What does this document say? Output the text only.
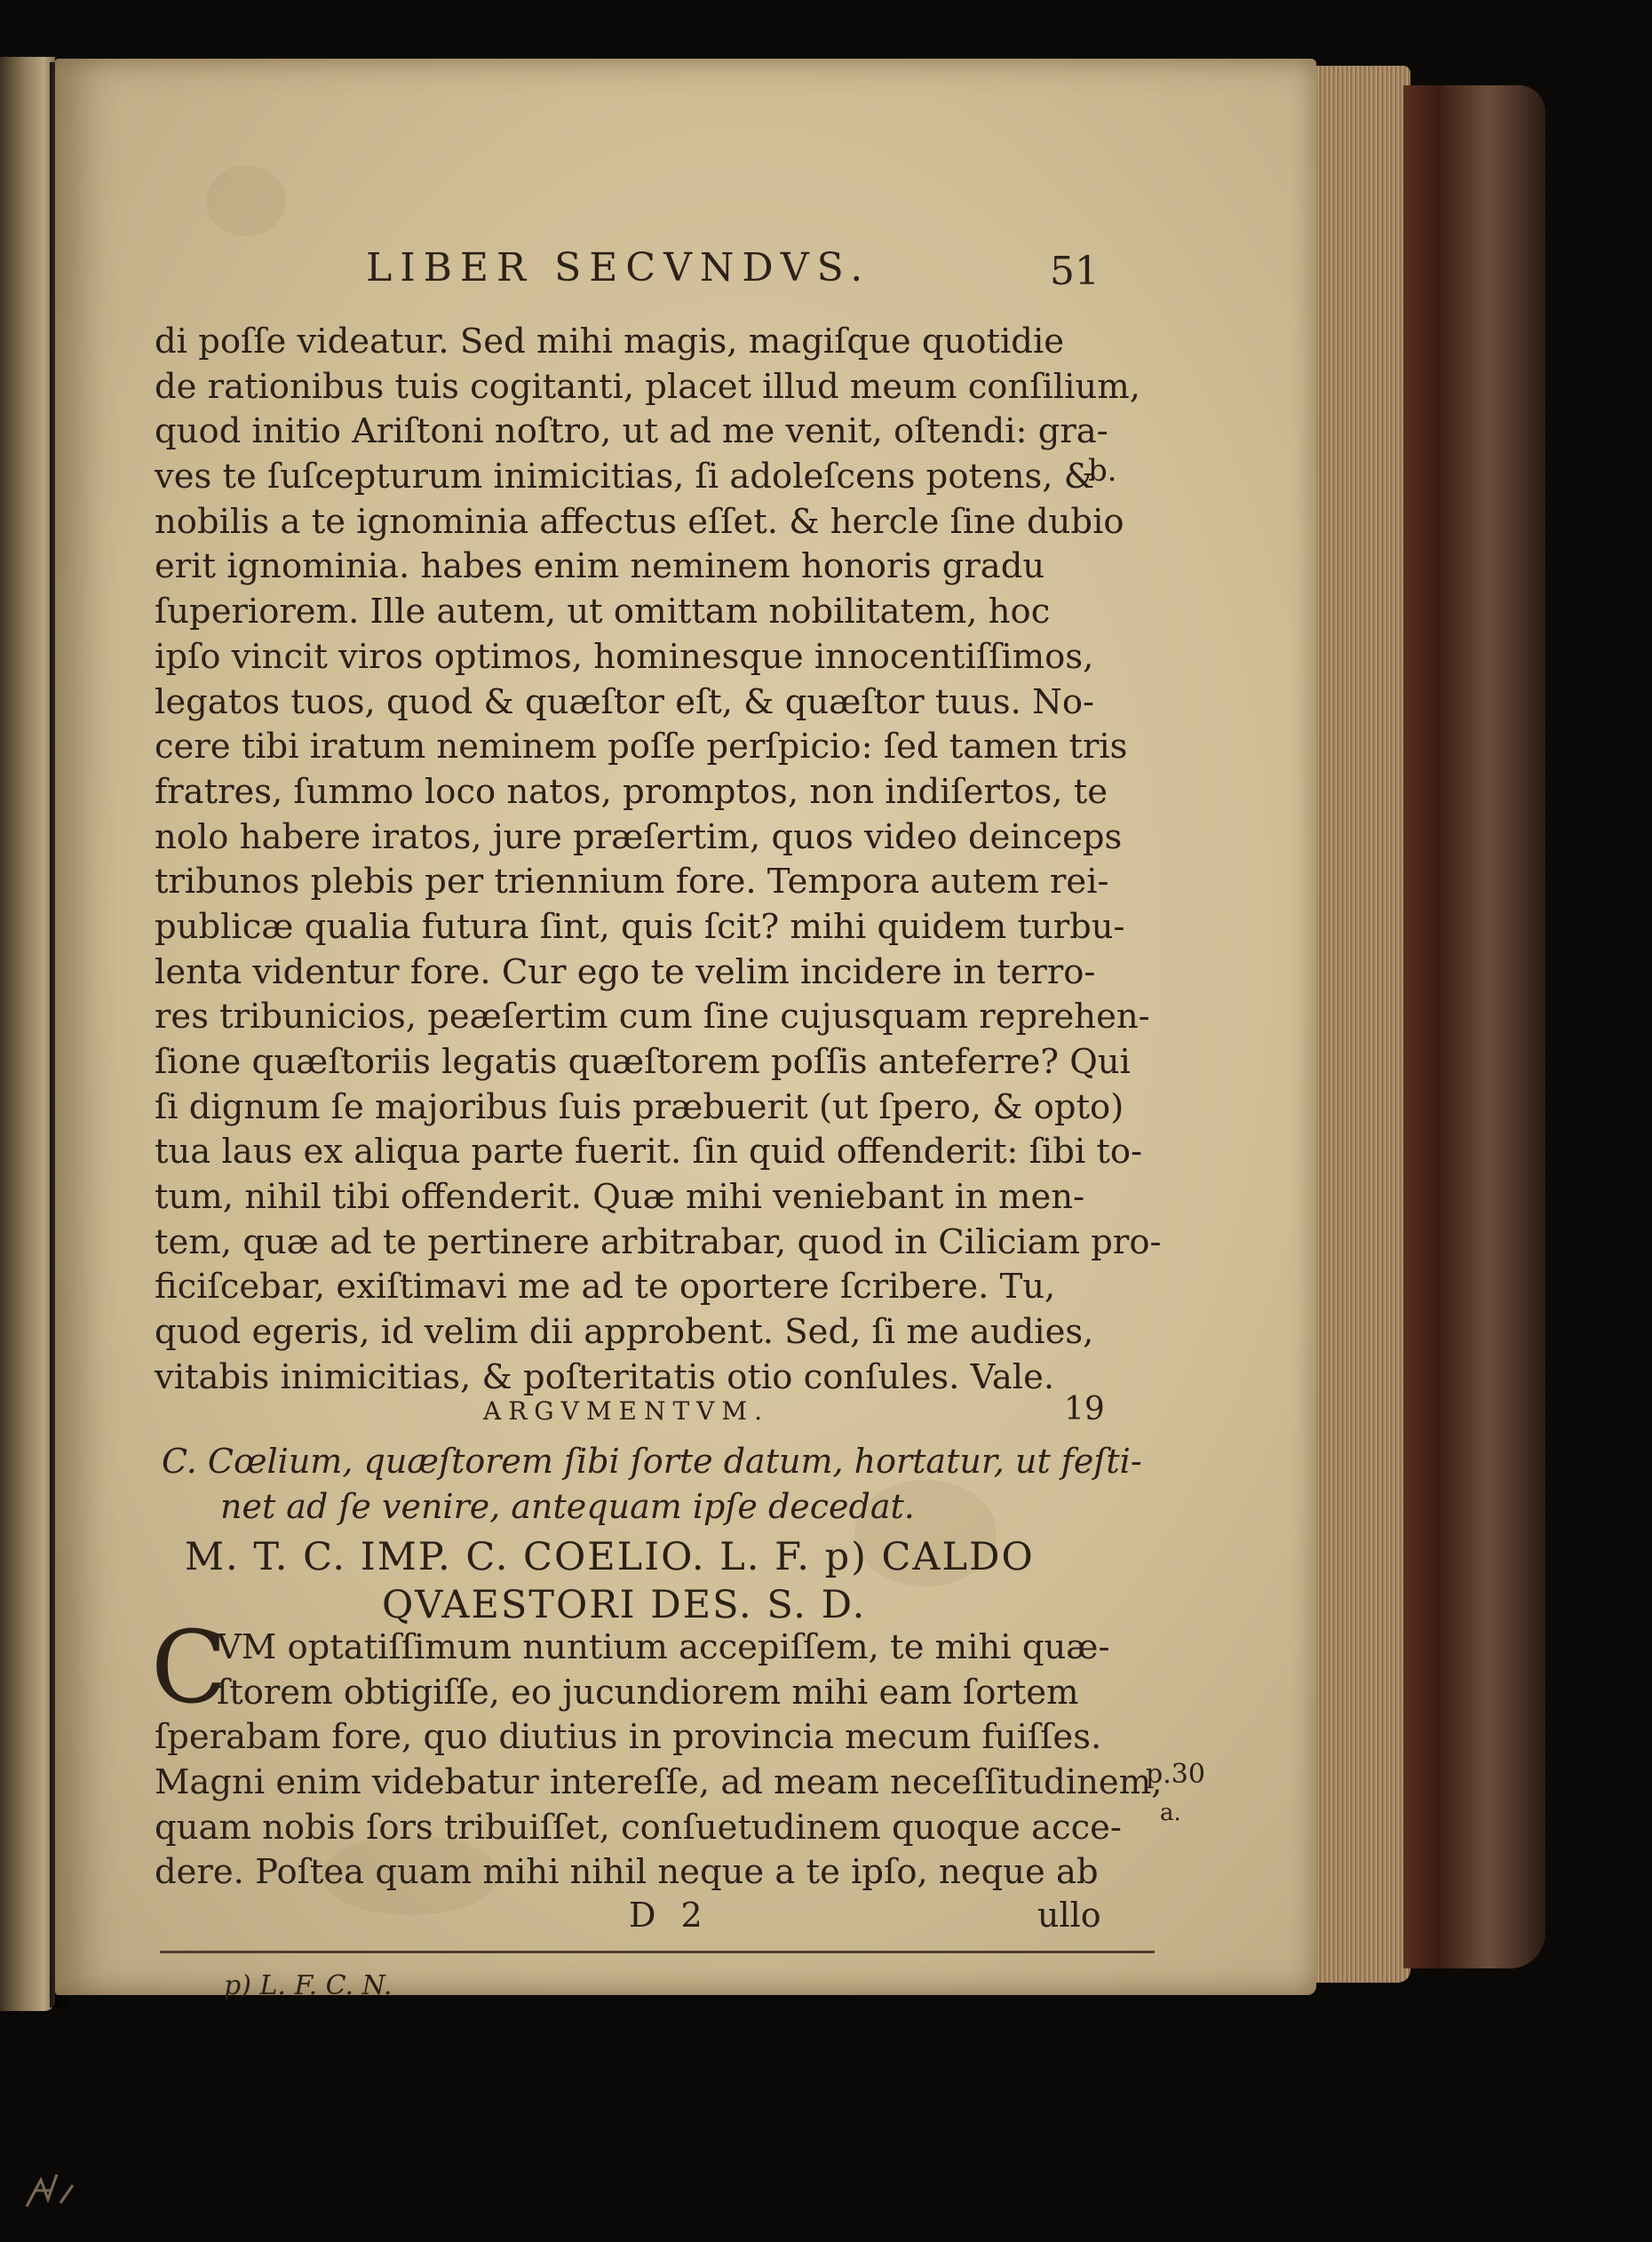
LIBER SECVNDVS.	51
di poſſe videatur. Sed mihi magis, magiſque quotidie
de rationibus tuis cogitanti, placet illud meum conſilium,
quod initio Ariſtoni noſtro, ut ad me venit, oſtendi: gra-
ves te ſuſcepturum inimicitias, ſi adoleſcens potens, &
nobilis a te ignominia affectus eſſet. & hercle ſine dubio
erit ignominia. habes enim neminem honoris gradu
ſuperiorem. Ille autem, ut omittam nobilitatem, hoc
ipſo vincit viros optimos, hominesque innocentiſſimos,
legatos tuos, quod & quæſtor eſt, & quæſtor tuus. No-
cere tibi iratum neminem poſſe perſpicio: ſed tamen tris
fratres, ſummo loco natos, promptos, non indiſertos, te
nolo habere iratos, jure præſertim, quos video deinceps
tribunos plebis per triennium fore. Tempora autem rei-
publicæ qualia futura ſint, quis ſcit? mihi quidem turbu-
lenta videntur fore. Cur ego te velim incidere in terro-
res tribunicios, peæſertim cum ſine cujusquam reprehen-
ſione quæſtoriis legatis quæſtorem poſſis anteferre? Qui
ſi dignum ſe majoribus ſuis præbuerit (ut ſpero, & opto)
tua laus ex aliqua parte fuerit. ſin quid offenderit: ſibi to-
tum, nihil tibi offenderit. Quæ mihi veniebant in men-
tem, quæ ad te pertinere arbitrabar, quod in Ciliciam pro-
ficiſcebar, exiſtimavi me ad te oportere ſcribere. Tu,
quod egeris, id velim dii approbent. Sed, ſi me audies,
vitabis inimicitias, & poſteritatis otio conſules. Vale.
b.
p.30
a.
ARGVMENTVM.	19
C. Cœlium, quæſtorem ſibi ſorte datum, hortatur, ut feſti-
net ad ſe venire, antequam ipſe decedat.
M. T. C. IMP. C. COELIO. L. F. p) CALDO
QVAESTORI DES. S. D.
C
VM optatiſſimum nuntium accepiſſem, te mihi quæ-
ſtorem obtigiſſe, eo jucundiorem mihi eam ſortem
ſperabam fore, quo diutius in provincia mecum fuiſſes.
Magni enim videbatur intereſſe, ad meam neceſſitudinem,
quam nobis ſors tribuiſſet, conſuetudinem quoque acce-
dere. Poſtea quam mihi nihil neque a te ipſo, neque ab
D 2	ullo
p) L. F. C. N.
